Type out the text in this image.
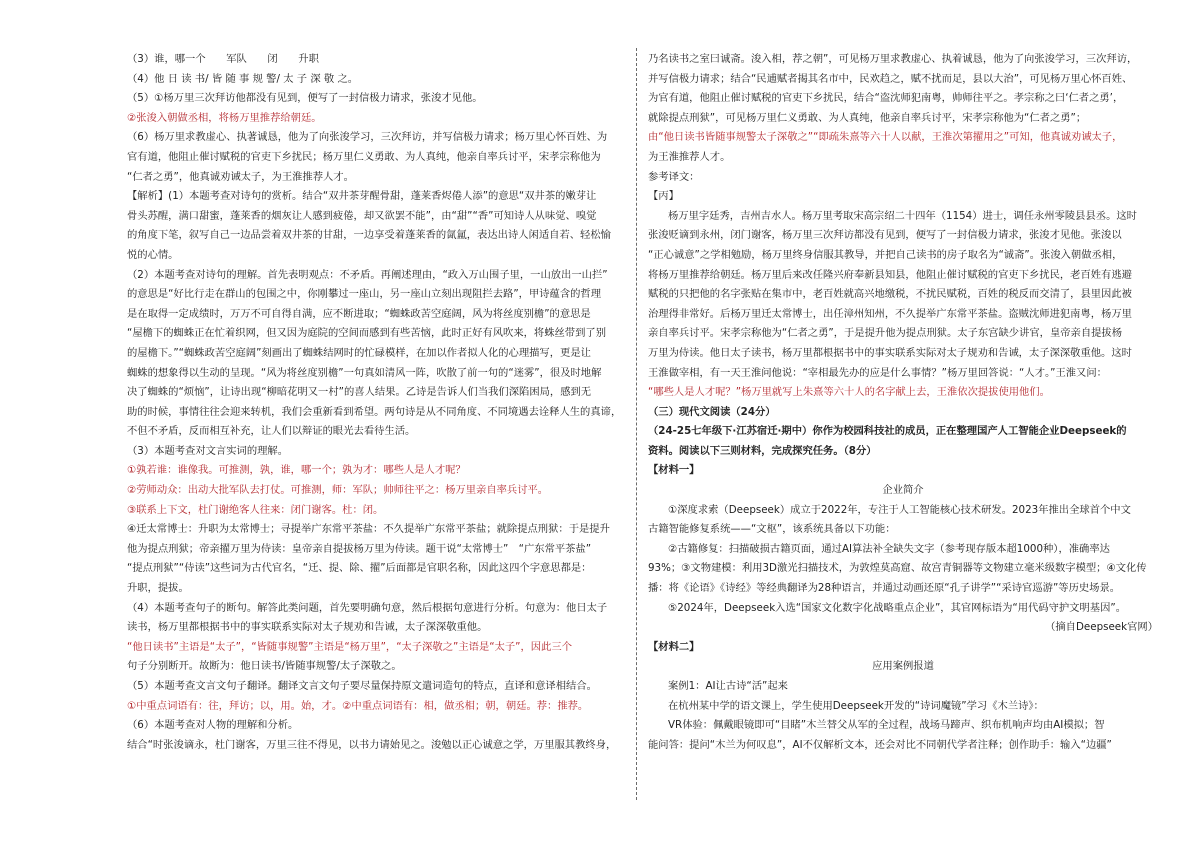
（3）谁，哪一个　　军队　　闭　　升职
（4）他 日 读 书/ 皆 随 事 规 警/ 太 子 深 敬 之。
（5）①杨万里三次拜访他都没有见到，便写了一封信极力请求，张浚才见他。
②张浚入朝做丞相，将杨万里推荐给朝廷。
（6）杨万里求教虚心、执著诚恳，他为了向张浚学习，三次拜访，并写信极力请求；杨万里心怀百姓、为
官有道，他阻止催讨赋税的官吏下乡扰民；杨万里仁义勇敢、为人真纯，他亲自率兵讨平，宋孝宗称他为
“仁者之勇”，他真诚劝诫太子，为王淮推荐人才。
【解析】(1）本题考查对诗句的赏析。结合“双井茶芽醒骨甜，蓬莱香烬倦人添”的意思“双井茶的嫩芽让
骨头苏醒，满口甜蜜，蓬莱香的烟灰让人感到疲倦，却又欲罢不能”，由“甜”“香”可知诗人从味觉、嗅觉
的角度下笔，叙写自己一边品尝着双井茶的甘甜，一边享受着蓬莱香的氤氲，表达出诗人闲适自若、轻松愉
悦的心情。
（2）本题考查对诗句的理解。首先表明观点：不矛盾。再阐述理由，“政入万山围子里，一山放出一山拦”
的意思是“好比行走在群山的包围之中，你刚攀过一座山，另一座山立刻出现阻拦去路”，甲诗蕴含的哲理
是在取得一定成绩时，万万不可自得自满，应不断进取；“蜘蛛政苦空庭阔，风为将丝度别檐”的意思是
“屋檐下的蜘蛛正在忙着织网，但又因为庭院的空间而感到有些苦恼，此时正好有风吹来，将蛛丝带到了别
的屋檐下。”“蜘蛛政苦空庭阔”刻画出了蜘蛛结网时的忙碌模样，在加以作者拟人化的心理描写，更是让
蜘蛛的想象得以生动的呈现。“风为将丝度别檐”一句真如清风一阵，吹散了前一句的“迷雾”，很及时地解
决了蜘蛛的“烦恼”，让诗出现“柳暗花明又一村”的喜人结果。乙诗是告诉人们当我们深陷困局，感到无
助的时候，事情往往会迎来转机，我们会重新看到希望。两句诗是从不同角度、不同境遇去诠释人生的真谛，
不但不矛盾，反而相互补充，让人们以辩证的眼光去看待生活。
（3）本题考查对文言实词的理解。
①孰若谁：谁像我。可推测，孰，谁，哪一个；孰为才：哪些人是人才呢？
②劳师动众：出动大批军队去打仗。可推测，师：军队；帅师往平之：杨万里亲自率兵讨平。
③联系上下文，杜门谢绝客人往来：闭门谢客。杜：闭。
④迁太常博士：升职为太常博士；寻提举广东常平茶盐：不久提举广东常平茶盐；就除提点刑狱：于是提升
他为提点刑狱；帝亲擢万里为侍读：皇帝亲自提拔杨万里为侍读。题干说“太常博士”　“广东常平茶盐”
“提点刑狱”“侍读”这些词为古代官名，“迁、提、除、擢”后面都是官职名称，因此这四个字意思都是：
升职，提拔。
（4）本题考查句子的断句。解答此类问题，首先要明确句意，然后根据句意进行分析。句意为：他日太子
读书，杨万里都根据书中的事实联系实际对太子规劝和告诫，太子深深敬重他。
“他日读书”主语是“太子”，“皆随事规警”主语是“杨万里”，“太子深敬之”主语是“太子”，因此三个
句子分别断开。故断为：他日读书/皆随事规警/太子深敬之。
（5）本题考查文言文句子翻译。翻译文言文句子要尽量保持原文遣词造句的特点，直译和意译相结合。
①中重点词语有：往，拜访；以，用。始，才。②中重点词语有：相，做丞相；朝，朝廷。荐：推荐。
（6）本题考查对人物的理解和分析。
结合“时张浚谪永，杜门谢客，万里三往不得见，以书力请始见之。浚勉以正心诚意之学，万里服其教终身，
乃名读书之室曰诚斋。浚入相，荐之朝”，可见杨万里求教虚心、执着诚恳，他为了向张浚学习，三次拜访，
并写信极力请求；结合“民逋赋者揭其名市中，民欢趋之，赋不扰而足，县以大治”，可见杨万里心怀百姓、
为官有道，他阻止催讨赋税的官吏下乡扰民，结合“盗沈师犯南粤，帅师往平之。孝宗称之曰‘仁者之勇’，
就除提点刑狱”，可见杨万里仁义勇敢、为人真纯，他亲自率兵讨平，宋孝宗称他为“仁者之勇”；
由“他日读书皆随事规警太子深敬之”“即疏朱熹等六十人以献，王淮次第擢用之”可知，他真诚劝诫太子，
为王淮推荐人才。
参考译文：
【丙】
杨万里字廷秀，吉州吉水人。杨万里考取宋高宗绍二十四年（1154）进士，调任永州零陵县县丞。这时
张浚贬谪到永州，闭门谢客，杨万里三次拜访都没有见到，便写了一封信极力请求，张浚才见他。张浚以
“正心诚意”之学相勉励，杨万里终身信服其教导，并把自己读书的房子取名为“诚斋”。张浚入朝做丞相，
将杨万里推荐给朝廷。杨万里后来改任隆兴府奉新县知县，他阻止催讨赋税的官吏下乡扰民，老百姓有逃避
赋税的只把他的名字张贴在集市中，老百姓就高兴地缴税，不扰民赋税，百姓的税反而交清了，县里因此被
治理得非常好。后杨万里迁太常博士，出任漳州知州，不久提举广东常平茶盐。盗贼沈师进犯南粤，杨万里
亲自率兵讨平。宋孝宗称他为“仁者之勇”，于是提升他为提点刑狱。太子东宫缺少讲官，皇帝亲自提拔杨
万里为侍读。他日太子读书，杨万里都根据书中的事实联系实际对太子规劝和告诫，太子深深敬重他。这时
王淮做宰相，有一天王淮问他说：“宰相最先办的应是什么事情？”杨万里回答说：“人才。”王淮又问：
“哪些人是人才呢？”杨万里就写上朱熹等六十人的名字献上去，王淮依次提拔使用他们。
（三）现代文阅读（24分）
（24-25七年级下·江苏宿迁·期中）你作为校园科技社的成员，正在整理国产人工智能企业Deepseek的
资料。阅读以下三则材料，完成探究任务。（8分）
【材料一】
企业简介
①深度求索（Deepseek）成立于2022年，专注于人工智能核心技术研发。2023年推出全球首个中文
古籍智能修复系统——“文枢”，该系统具备以下功能：
②古籍修复：扫描破损古籍页面，通过AI算法补全缺失文字（参考现存版本超1000种），准确率达
93%；③文物建模：利用3D激光扫描技术，为敦煌莫高窟、故宫青铜器等文物建立毫米级数字模型；④文化传
播：将《论语》《诗经》等经典翻译为28种语言，并通过动画还原“孔子讲学”“采诗官巡游”等历史场景。
⑤2024年，Deepseek入选“国家文化数字化战略重点企业”，其官网标语为“用代码守护文明基因”。
（摘自Deepseek官网）
【材料二】
应用案例报道
案例1：AI让古诗“活”起来
在杭州某中学的语文课上，学生使用Deepseek开发的“诗词魔镜”学习《木兰诗》：
VR体验：佩戴眼镜即可“目睹”木兰替父从军的全过程，战场马蹄声、织布机响声均由AI模拟；智
能问答：提问“木兰为何叹息”，AI不仅解析文本，还会对比不同朝代学者注释；创作助手：输入“边疆”
